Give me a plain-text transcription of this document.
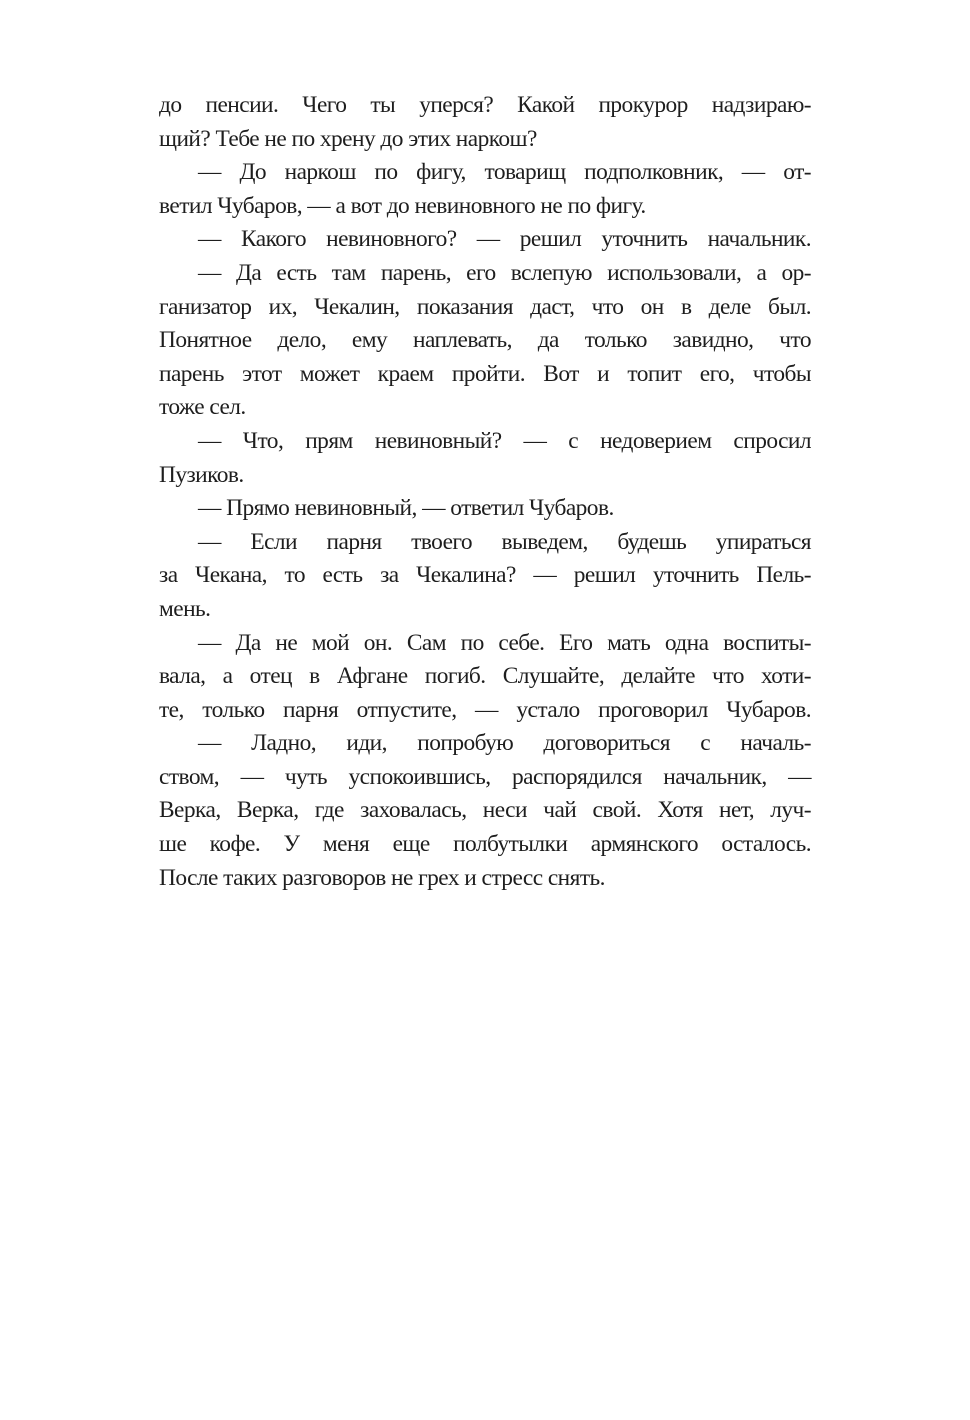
до пенсии. Чего ты уперся? Какой прокурор надзираю-
щий? Тебе не по хрену до этих наркош?
— До наркош по фигу, товарищ подполковник, — от-
ветил Чубаров, — а вот до невиновного не по фигу.
— Какого невиновного? — решил уточнить начальник.
— Да есть там парень, его вслепую использовали, а ор-
ганизатор их, Чекалин, показания даст, что он в деле был.
Понятное дело, ему наплевать, да только завидно, что
парень этот может краем пройти. Вот и топит его, чтобы
тоже сел.
— Что, прям невиновный? — с недоверием спросил
Пузиков.
— Прямо невиновный, — ответил Чубаров.
— Если парня твоего выведем, будешь упираться
за Чекана, то есть за Чекалина? — решил уточнить Пель-
мень.
— Да не мой он. Сам по себе. Его мать одна воспиты-
вала, а отец в Афгане погиб. Слушайте, делайте что хоти-
те, только парня отпустите, — устало проговорил Чубаров.
— Ладно, иди, попробую договориться с началь-
ством, — чуть успокоившись, распорядился начальник, —
Верка, Верка, где заховалась, неси чай свой. Хотя нет, луч-
ше кофе. У меня еще полбутылки армянского осталось.
После таких разговоров не грех и стресс снять.
